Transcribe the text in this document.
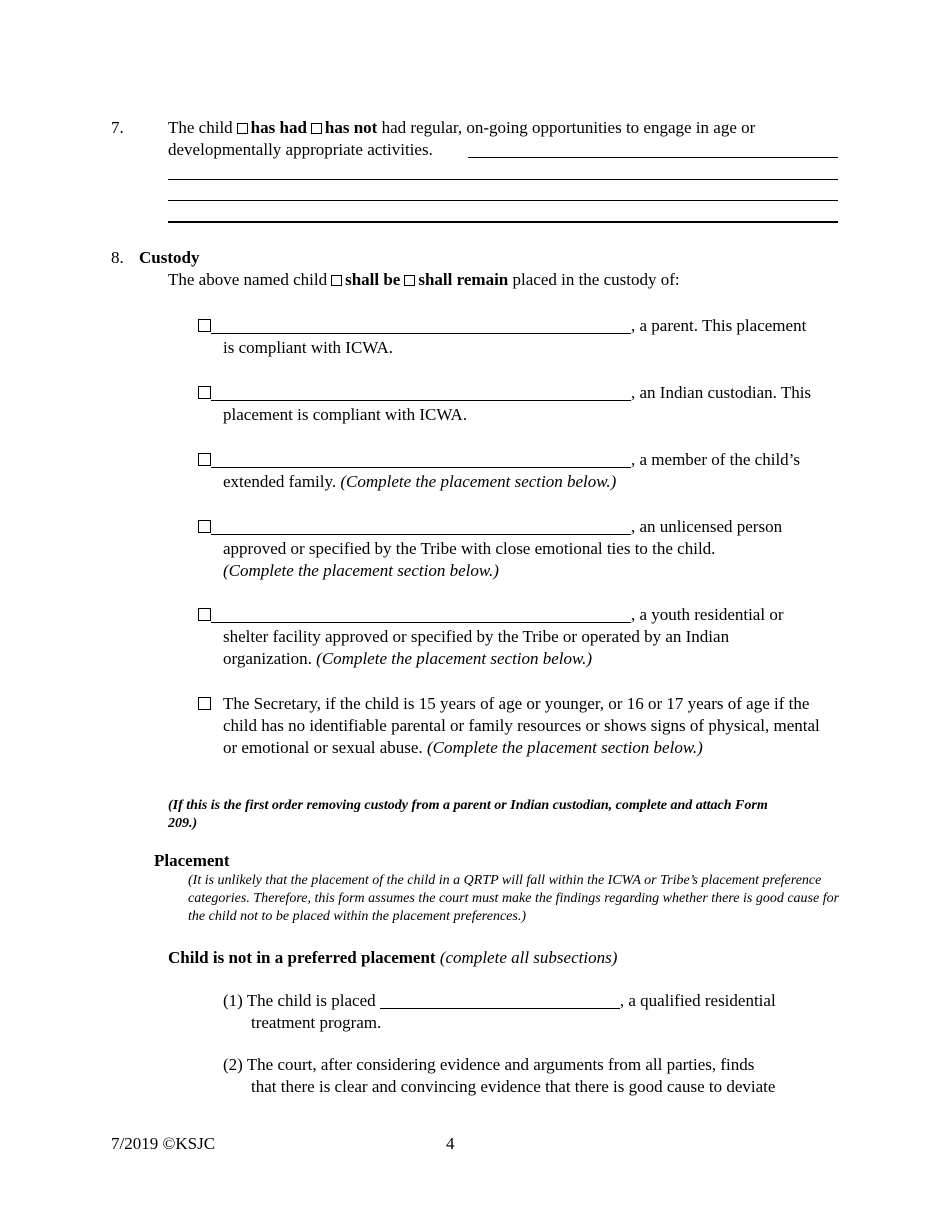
7.	The child has had has not had regular, on-going opportunities to engage in age or
developmentally appropriate activities.
8. Custody
The above named child shall be shall remain placed in the custody of:
, a parent. This placement
is compliant with ICWA.
, an Indian custodian. This
placement is compliant with ICWA.
, a member of the child’s
extended family. (Complete the placement section below.)
, an unlicensed person
approved or specified by the Tribe with close emotional ties to the child.
(Complete the placement section below.)
, a youth residential or
shelter facility approved or specified by the Tribe or operated by an Indian organization. (Complete the placement section below.)
The Secretary, if the child is 15 years of age or younger, or 16 or 17 years of age if the child has no identifiable parental or family resources or shows signs of physical, mental or emotional or sexual abuse. (Complete the placement section below.)
(If this is the first order removing custody from a parent or Indian custodian, complete and attach Form 209.)
Placement
(It is unlikely that the placement of the child in a QRTP will fall within the ICWA or Tribe’s placement preference categories. Therefore, this form assumes the court must make the findings regarding whether there is good cause for the child not to be placed within the placement preferences.)
Child is not in a preferred placement (complete all subsections)
(1) The child is placed	, a qualified residential
treatment program.
(2) The court, after considering evidence and arguments from all parties, finds
that there is clear and convincing evidence that there is good cause to deviate
7/2019 ©KSJC	4
